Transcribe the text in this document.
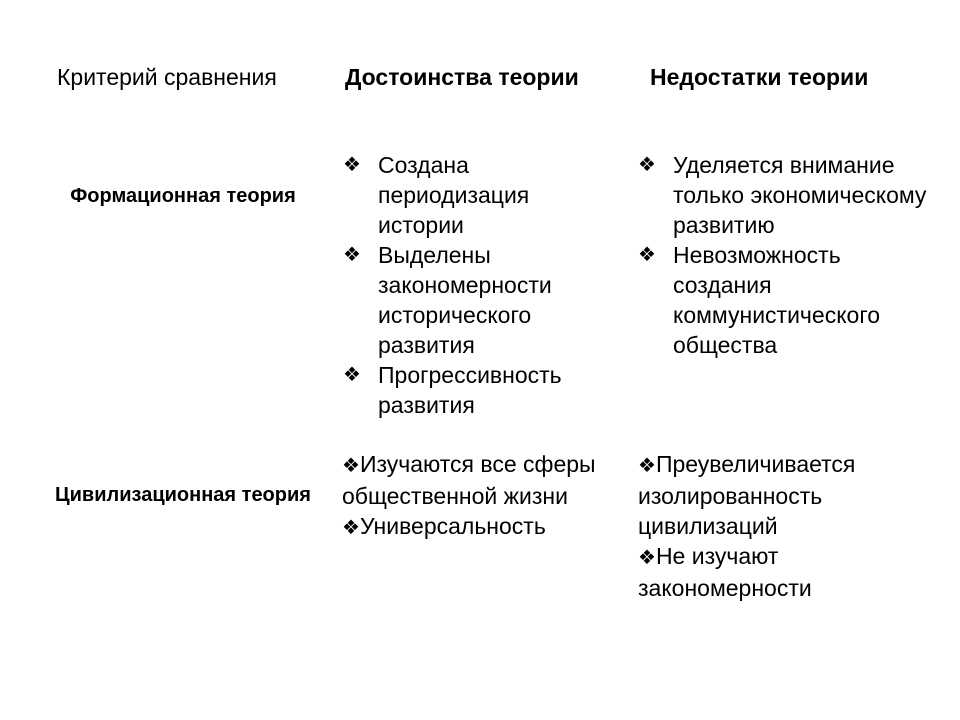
Критерий сравнения	Достоинства теории	Недостатки теории
Формационная теория
❖ Создана периодизация истории
❖ Выделены закономерности исторического развития
❖ Прогрессивность развития
❖ Уделяется внимание только экономическому развитию
❖ Невозможность создания коммунистического общества
Цивилизационная теория
❖Изучаются все сферы общественной жизни
❖Универсальность
❖Преувеличивается изолированность цивилизаций
❖Не изучают закономерности
